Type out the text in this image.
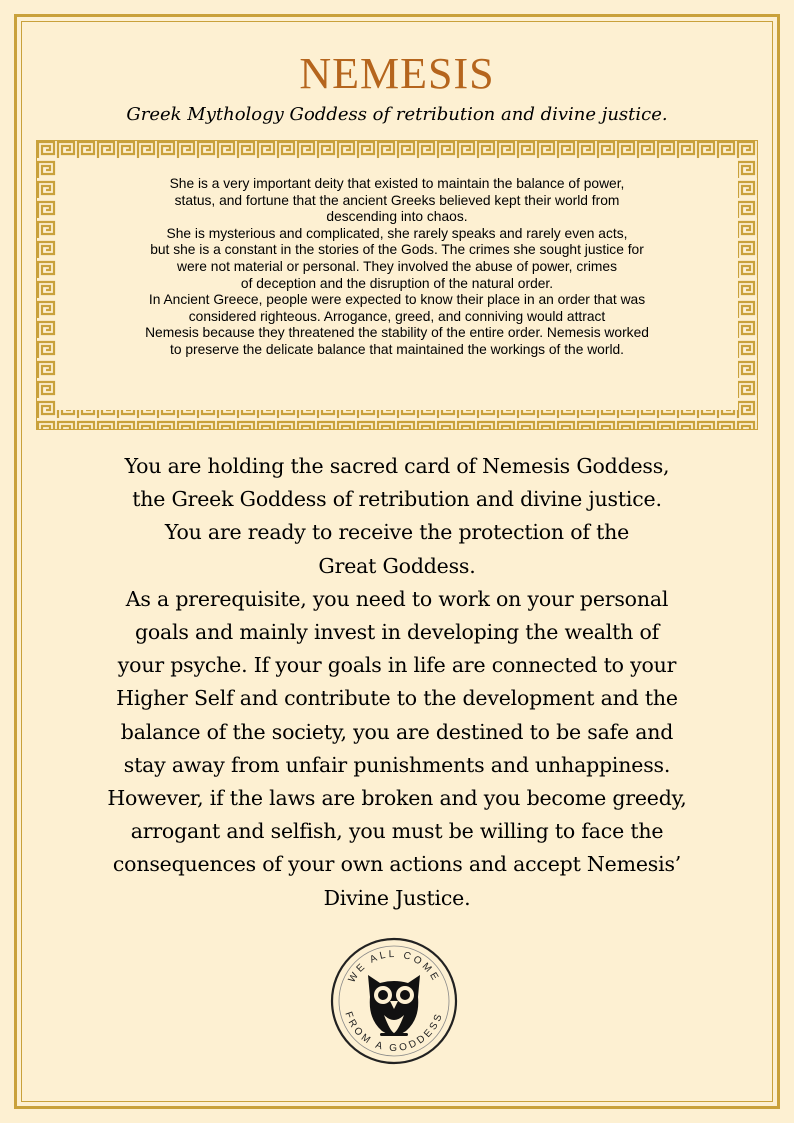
NEMESIS

Greek Mythology Goddess of retribution and divine justice.

She is a very important deity that existed to maintain the balance of power,

status, and fortune that the ancient Greeks believed kept their world from

descending into chaos.

She is mysterious and complicated, she rarely speaks and rarely even acts,

but she is a constant in the stories of the Gods. The crimes she sought justice for

were not material or personal. They involved the abuse of power, crimes

of deception and the disruption of the natural order.

In Ancient Greece, people were expected to know their place in an order that was

considered righteous. Arrogance, greed, and conniving would attract

Nemesis because they threatened the stability of the entire order. Nemesis worked

to preserve the delicate balance that maintained the workings of the world.

You are holding the sacred card of Nemesis Goddess,

the Greek Goddess of retribution and divine justice.

You are ready to receive the protection of the

Great Goddess.

As a prerequisite, you need to work on your personal

goals and mainly invest in developing the wealth of

your psyche. If your goals in life are connected to your

Higher Self and contribute to the development and the

balance of the society, you are destined to be safe and

stay away from unfair punishments and unhappiness.

However, if the laws are broken and you become greedy,

arrogant and selfish, you must be willing to face the

consequences of your own actions and accept Nemesis’

Divine Justice.

WE ALL COME
FROM A GODDESS
